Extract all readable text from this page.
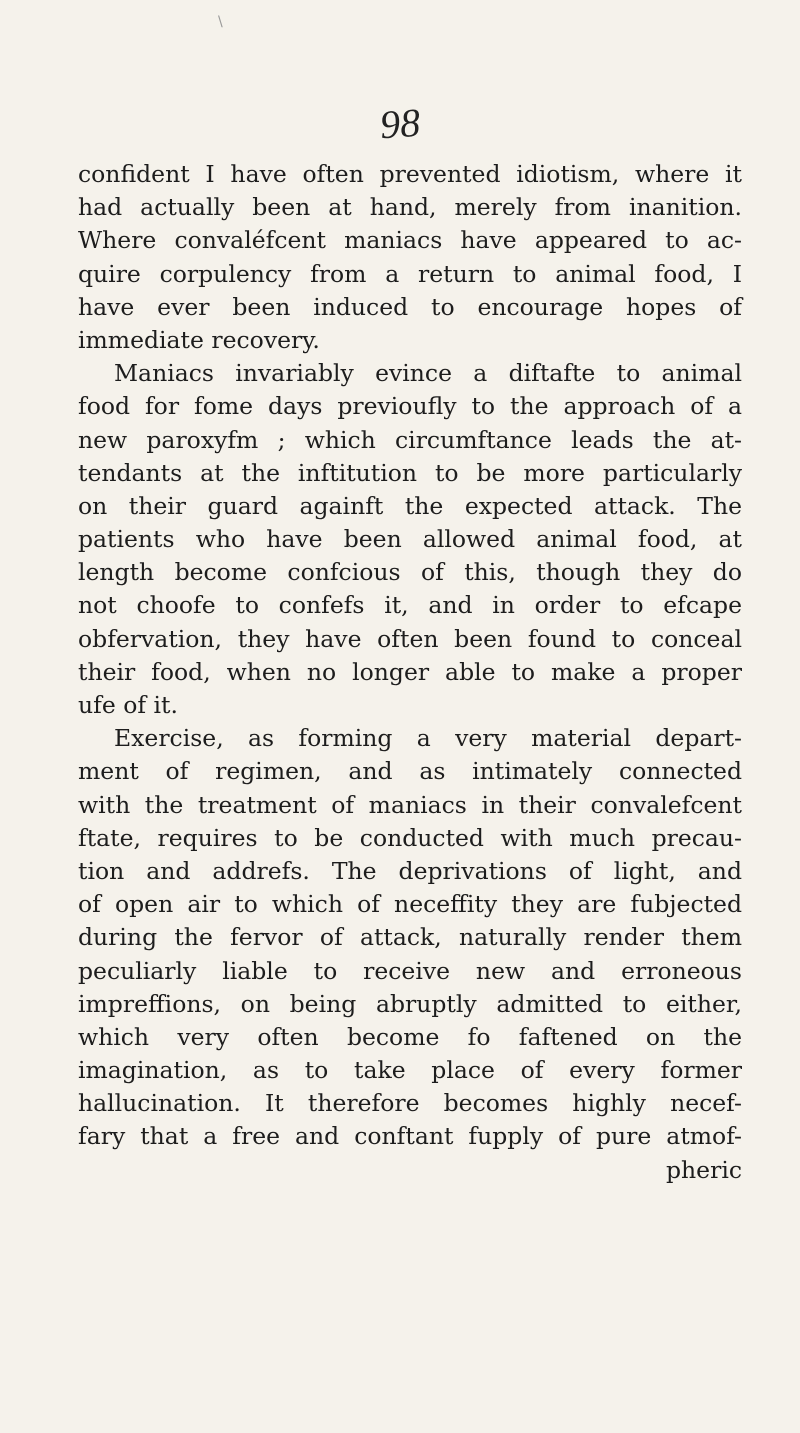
98
confident I have often prevented idiotism, where it
had actually been at hand, merely from inanition.
Where convaléfcent maniacs have appeared to ac-
quire corpulency from a return to animal food, I
have ever been induced to encourage hopes of
immediate recovery.
Maniacs invariably evince a diftafte to animal
food for fome days previoufly to the approach of a
new paroxyfm ; which circumftance leads the at-
tendants at the inftitution to be more particularly
on their guard againft the expected attack. The
patients who have been allowed animal food, at
length become confcious of this, though they do
not choofe to confefs it, and in order to efcape
obfervation, they have often been found to conceal
their food, when no longer able to make a proper
ufe of it.
Exercise, as forming a very material depart-
ment of regimen, and as intimately connected
with the treatment of maniacs in their convalefcent
ftate, requires to be conducted with much precau-
tion and addrefs. The deprivations of light, and
of open air to which of neceffity they are fubjected
during the fervor of attack, naturally render them
peculiarly liable to receive new and erroneous
impreffions, on being abruptly admitted to either,
which very often become fo faftened on the
imagination, as to take place of every former
hallucination. It therefore becomes highly necef-
fary that a free and conftant fupply of pure atmof-
pheric
\
